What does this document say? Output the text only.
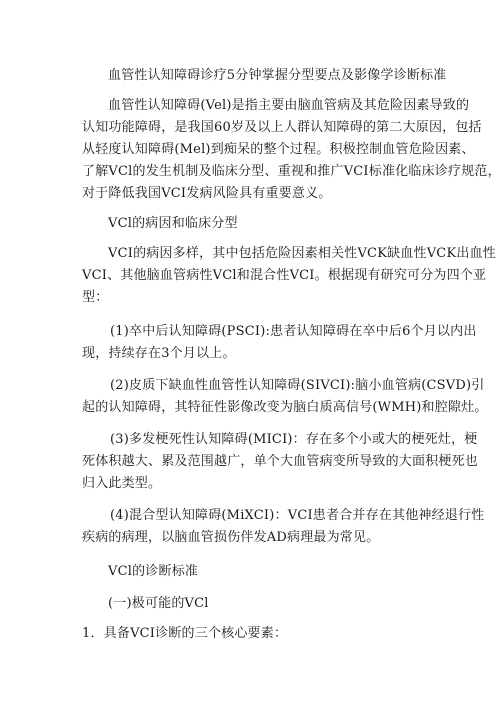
血管性认知障碍诊疗5分钟掌握分型要点及影像学诊断标准
血管性认知障碍(Vel)是指主要由脑血管病及其危险因素导致的
认知功能障碍，是我国60岁及以上人群认知障碍的第二大原因，包括
从轻度认知障碍(Mel)到痴呆的整个过程。积极控制血管危险因素、
了解VCl的发生机制及临床分型、重视和推广VCI标准化临床诊疗规范，
对于降低我国VCI发病风险具有重要意义。
VCl的病因和临床分型
VCI的病因多样，其中包括危险因素相关性VCK缺血性VCK出血性
VCI、其他脑血管病性VCl和混合性VCI。根据现有研究可分为四个亚
型：
(1)卒中后认知障碍(PSCI):患者认知障碍在卒中后6个月以内出
现，持续存在3个月以上。
(2)皮质下缺血性血管性认知障碍(SIVCI):脑小血管病(CSVD)引
起的认知障碍，其特征性影像改变为脑白质高信号(WMH)和腔隙灶。
(3)多发梗死性认知障碍(MICI)：存在多个小或大的梗死灶，梗
死体积越大、累及范围越广，单个大血管病变所导致的大面积梗死也
归入此类型。
(4)混合型认知障碍(MiXCI)：VCI患者合并存在其他神经退行性
疾病的病理，以脑血管损伤伴发AD病理最为常见。
VCl的诊断标准
(一)极可能的VCl
1．具备VCI诊断的三个核心要素：
